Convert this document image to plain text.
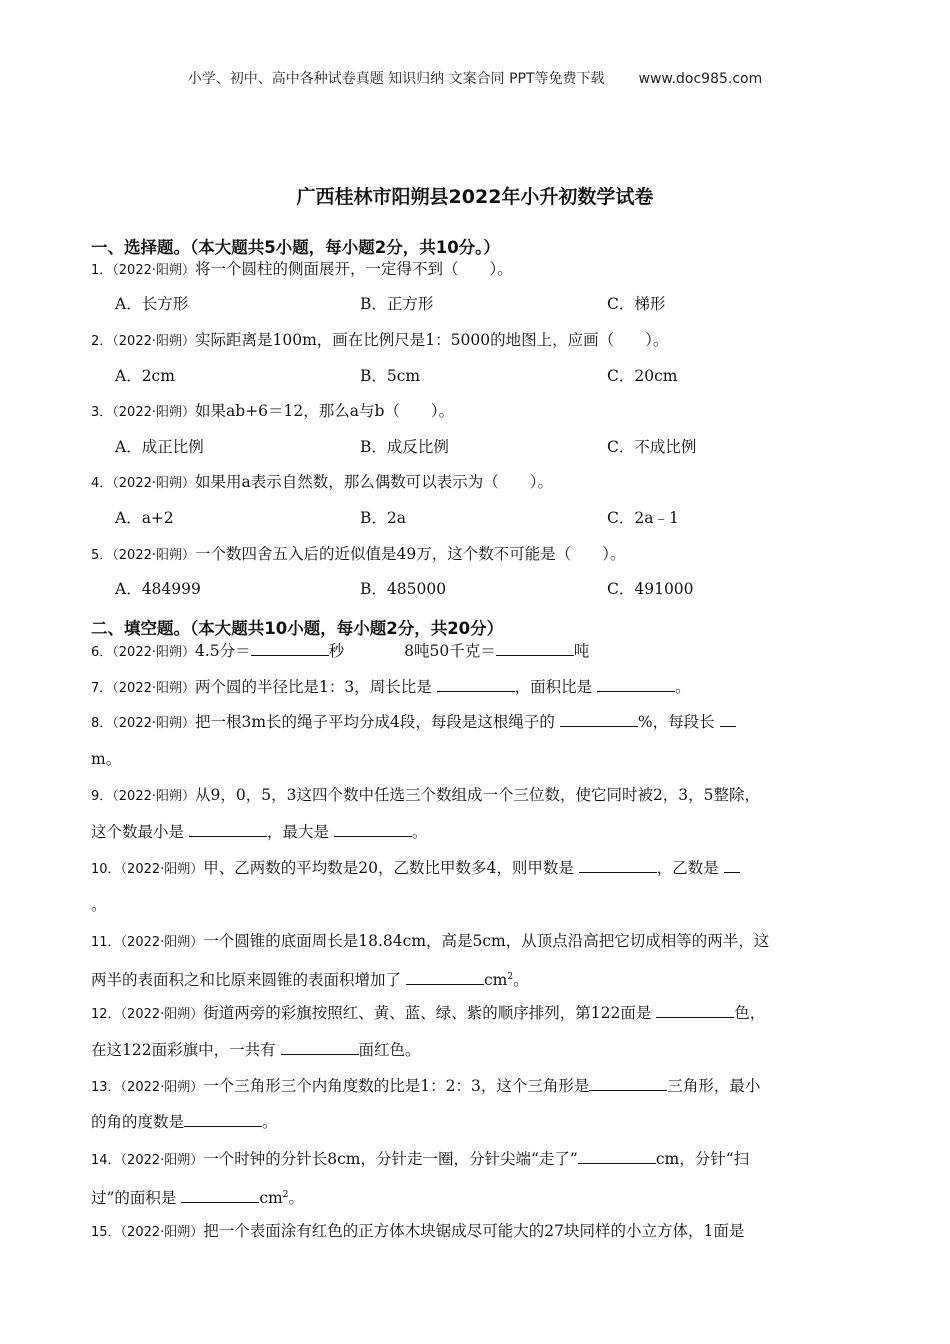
小学、初中、高中各种试卷真题 知识归纳 文案合同 PPT等免费下载 www.doc985.com
广西桂林市阳朔县2022年小升初数学试卷
一、选择题。（本大题共5小题，每小题2分，共10分。）
1．（2022·阳朔）将一个圆柱的侧面展开，一定得不到（　　）。
A．长方形	B．正方形	C．梯形
2．（2022·阳朔）实际距离是100m，画在比例尺是1：5000的地图上，应画（　　）。
A．2cm	B．5cm	C．20cm
3．（2022·阳朔）如果ab+6＝12，那么a与b（　　）。
A．成正比例	B．成反比例	C．不成比例
4．（2022·阳朔）如果用a表示自然数，那么偶数可以表示为（　　）。
A．a+2	B．2a	C．2a﹣1
5．（2022·阳朔）一个数四舍五入后的近似值是49万，这个数不可能是（　　）。
A．484999	B．485000	C．491000
二、填空题。（本大题共10小题，每小题2分，共20分）
6．（2022·阳朔）4.5分＝	秒	8吨50千克＝	吨
7．（2022·阳朔）两个圆的半径比是1：3，周长比是	，面积比是	。
8．（2022·阳朔）把一根3m长的绳子平均分成4段，每段是这根绳子的	%，每段长
m。
9．（2022·阳朔）从9，0，5，3这四个数中任选三个数组成一个三位数，使它同时被2，3，5整除，
这个数最小是	，最大是	。
10．（2022·阳朔）甲、乙两数的平均数是20，乙数比甲数多4，则甲数是	，乙数是
。
11．（2022·阳朔）一个圆锥的底面周长是18.84cm，高是5cm，从顶点沿高把它切成相等的两半，这
两半的表面积之和比原来圆锥的表面积增加了	$cm^2$。
12．（2022·阳朔）街道两旁的彩旗按照红、黄、蓝、绿、紫的顺序排列，第122面是	色，
在这122面彩旗中，一共有	面红色。
13．（2022·阳朔）一个三角形三个内角度数的比是1：2：3，这个三角形是	三角形，最小
的角的度数是	。
14．（2022·阳朔）一个时钟的分针长8cm，分针走一圈，分针尖端“走了”	cm，分针“扫
过”的面积是	$cm^2$。
15．（2022·阳朔）把一个表面涂有红色的正方体木块锯成尽可能大的27块同样的小立方体，1面是
